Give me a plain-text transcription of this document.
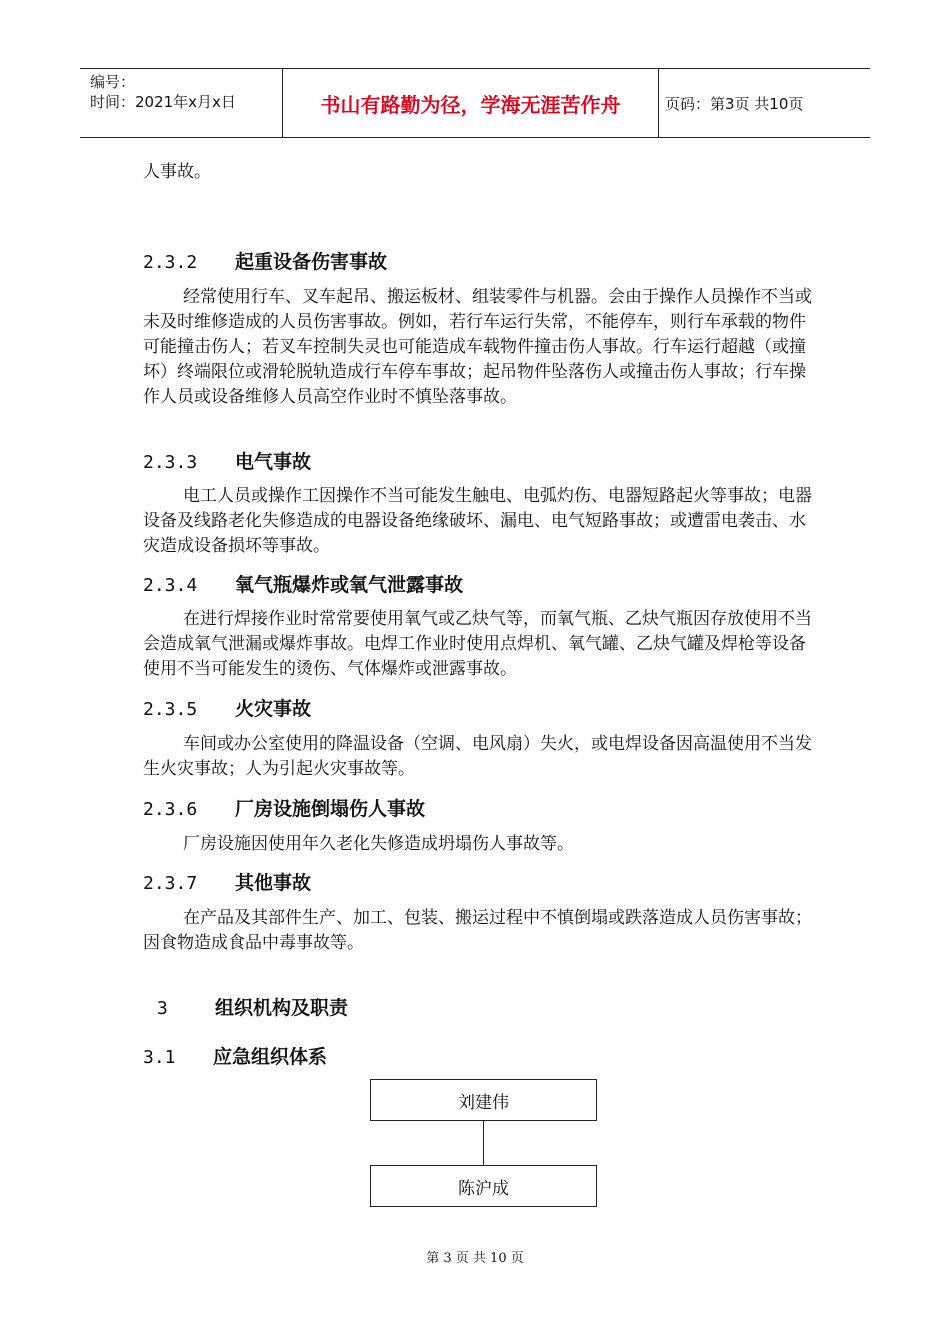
编号：
时间：2021年x月x日	书山有路勤为径，学海无涯苦作舟	页码：第3页 共10页

人事故。

2.3.2 起重设备伤害事故

经常使用行车、叉车起吊、搬运板材、组装零件与机器。会由于操作人员操作不当或未及时维修造成的人员伤害事故。例如，若行车运行失常，不能停车，则行车承载的物件可能撞击伤人；若叉车控制失灵也可能造成车载物件撞击伤人事故。行车运行超越（或撞坏）终端限位或滑轮脱轨造成行车停车事故；起吊物件坠落伤人或撞击伤人事故；行车操作人员或设备维修人员高空作业时不慎坠落事故。

2.3.3 电气事故

电工人员或操作工因操作不当可能发生触电、电弧灼伤、电器短路起火等事故；电器设备及线路老化失修造成的电器设备绝缘破坏、漏电、电气短路事故；或遭雷电袭击、水灾造成设备损坏等事故。

2.3.4 氧气瓶爆炸或氧气泄露事故

在进行焊接作业时常常要使用氧气或乙炔气等，而氧气瓶、乙炔气瓶因存放使用不当会造成氧气泄漏或爆炸事故。电焊工作业时使用点焊机、氧气罐、乙炔气罐及焊枪等设备使用不当可能发生的烫伤、气体爆炸或泄露事故。

2.3.5 火灾事故

车间或办公室使用的降温设备（空调、电风扇）失火，或电焊设备因高温使用不当发生火灾事故；人为引起火灾事故等。

2.3.6 厂房设施倒塌伤人事故

厂房设施因使用年久老化失修造成坍塌伤人事故等。

2.3.7 其他事故

在产品及其部件生产、加工、包装、搬运过程中不慎倒塌或跌落造成人员伤害事故；因食物造成食品中毒事故等。

3 组织机构及职责
3.1 应急组织体系
刘建伟
陈沪成
第 3 页 共 10 页
